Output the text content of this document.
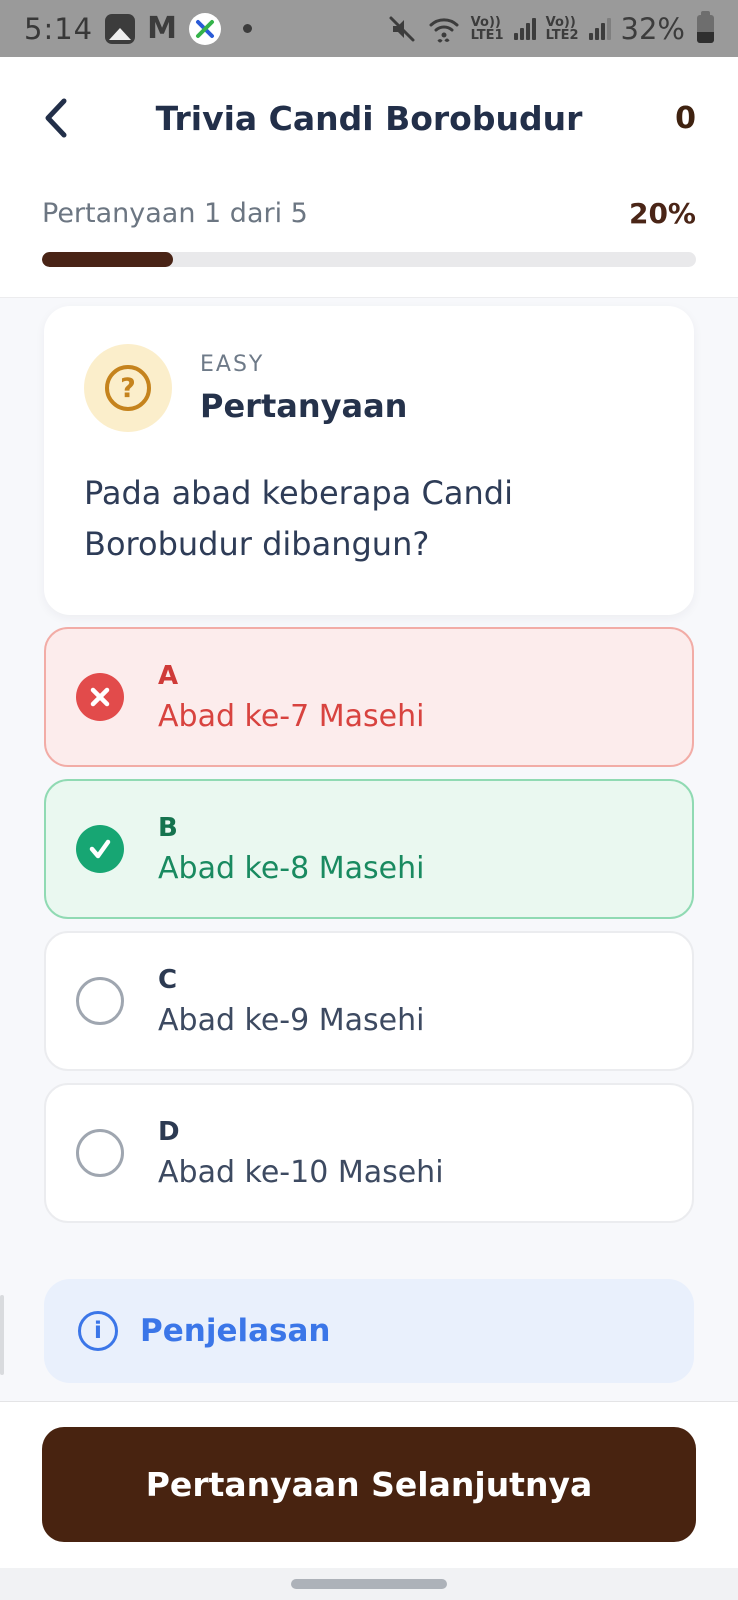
5:14 M	Vo))
LTE1
Vo))
LTE2 32%
Trivia Candi Borobudur	0
Pertanyaan 1 dari 5	20%
?
EASY
Pertanyaan
Pada abad keberapa Candi Borobudur dibangun?
A
Abad ke-7 Masehi
B
Abad ke-8 Masehi
C
Abad ke-9 Masehi
D
Abad ke-10 Masehi
i	Penjelasan
Pertanyaan Selanjutnya
